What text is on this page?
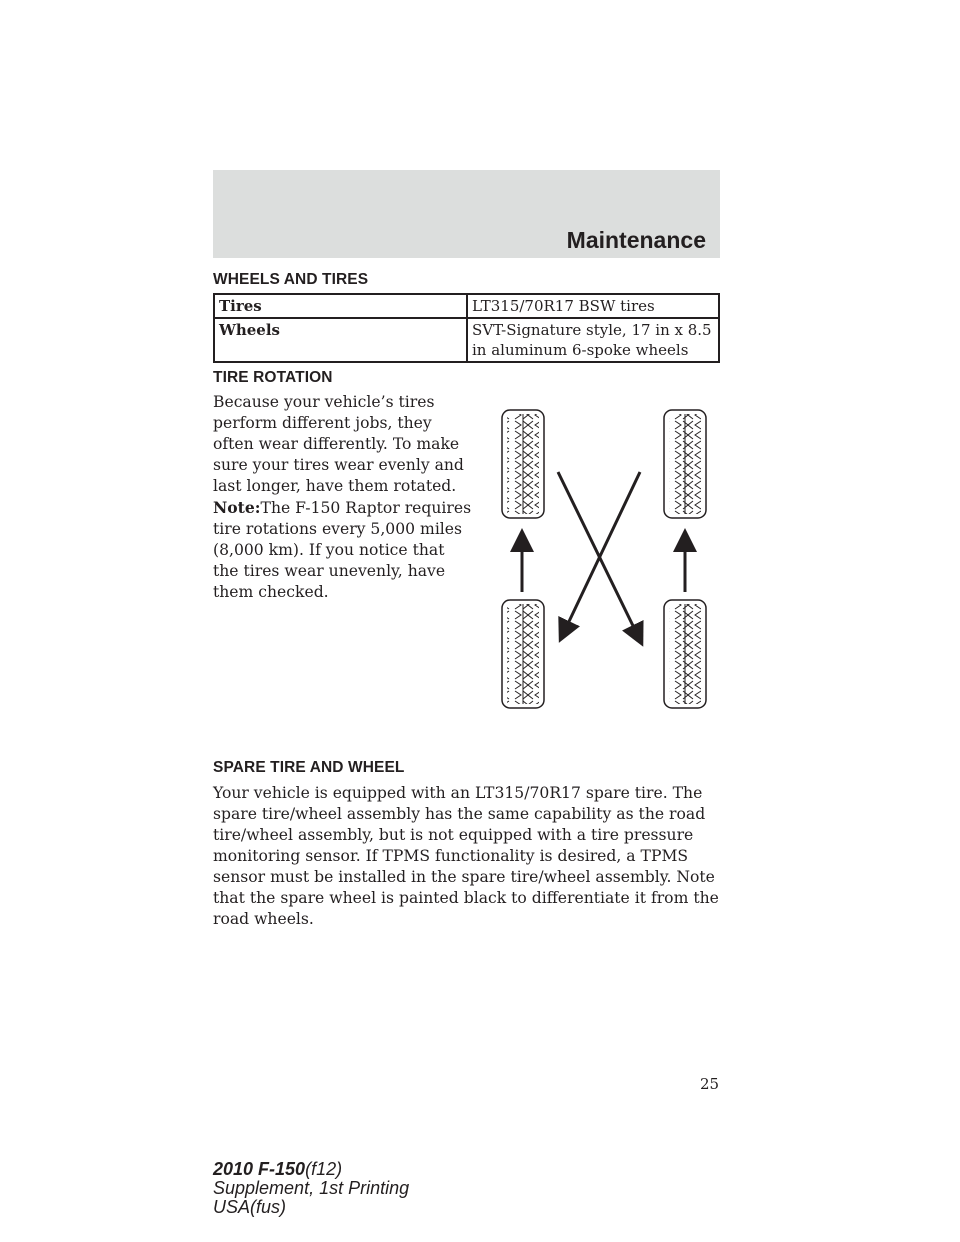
Maintenance
WHEELS AND TIRES
Tires	LT315/70R17 BSW tires
Wheels	SVT-Signature style, 17 in x 8.5 in aluminum 6-spoke wheels
TIRE ROTATION

Because your vehicle’s tires perform different jobs, they often wear differently. To make sure your tires wear evenly and last longer, have them rotated. Note:The F-150 Raptor requires tire rotations every 5,000 miles (8,000 km). If you notice that the tires wear unevenly, have them checked.

SPARE TIRE AND WHEEL

Your vehicle is equipped with an LT315/70R17 spare tire. The spare tire/wheel assembly has the same capability as the road tire/wheel assembly, but is not equipped with a tire pressure monitoring sensor. If TPMS functionality is desired, a TPMS sensor must be installed in the spare tire/wheel assembly. Note that the spare wheel is painted black to differentiate it from the road wheels.

25

2010 F-150(f12)
Supplement, 1st Printing
USA(fus)
